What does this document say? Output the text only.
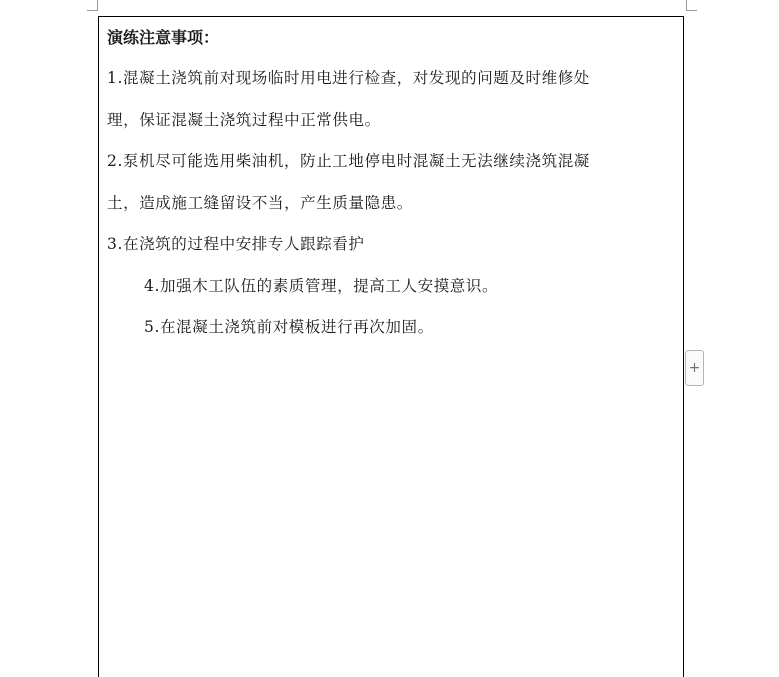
演练注意事项：

1.混凝土浇筑前对现场临时用电进行检查，对发现的问题及时维修处

理，保证混凝土浇筑过程中正常供电。

2.泵机尽可能选用柴油机，防止工地停电时混凝土无法继续浇筑混凝

土，造成施工缝留设不当，产生质量隐患。

3.在浇筑的过程中安排专人跟踪看护

4.加强木工队伍的素质管理，提高工人安摸意识。

5.在混凝土浇筑前对模板进行再次加固。

+
